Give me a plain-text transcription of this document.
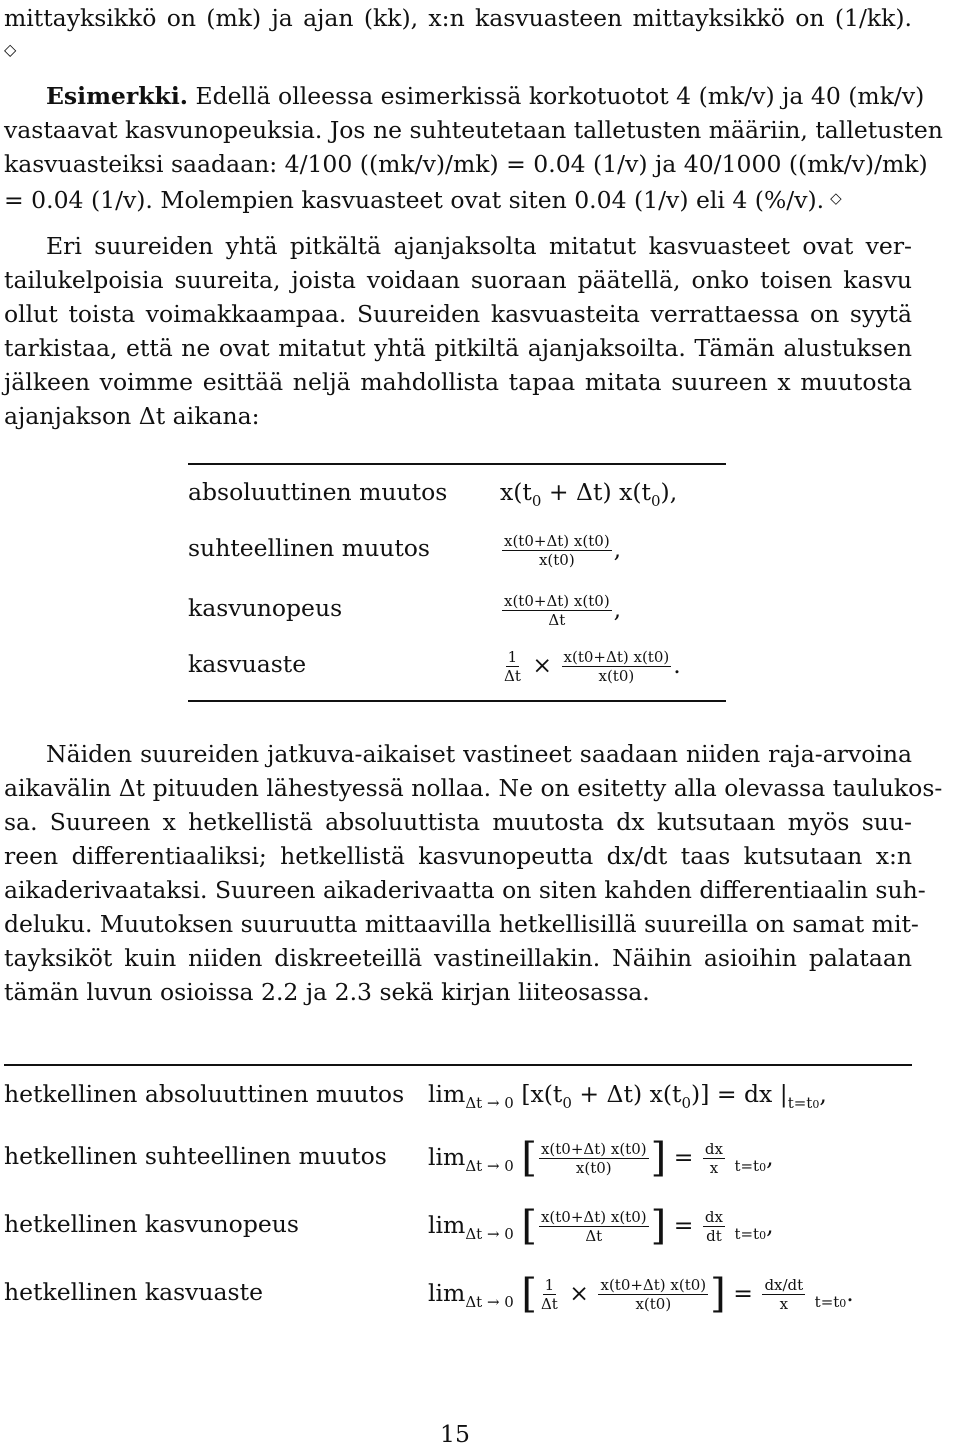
mittayksikkö on (mk) ja ajan (kk), x:n kasvuasteen mittayksikkö on (1/kk).
◇
Esimerkki. Edellä olleessa esimerkissä korkotuotot 4 (mk/v) ja 40 (mk/v)
vastaavat kasvunopeuksia. Jos ne suhteutetaan talletusten määriin, talletusten
kasvuasteiksi saadaan: 4/100 ((mk/v)/mk) = 0.04 (1/v) ja 40/1000 ((mk/v)/mk)
= 0.04 (1/v). Molempien kasvuasteet ovat siten 0.04 (1/v) eli 4 (%/v). ◇
Eri suureiden yhtä pitkältä ajanjaksolta mitatut kasvuasteet ovat ver-
tailukelpoisia suureita, joista voidaan suoraan päätellä, onko toisen kasvu
ollut toista voimakkaampaa. Suureiden kasvuasteita verrattaessa on syytä
tarkistaa, että ne ovat mitatut yhtä pitkiltä ajanjaksoilta. Tämän alustuksen
jälkeen voimme esittää neljä mahdollista tapaa mitata suureen x muutosta
ajanjakson Δt aikana:
absoluuttinen muutos $x(t_0 + \Delta t)$ $x(t_0)$,
suhteellinen muutos	$\frac{x(t0+\Delta t) x(t0)}{x(t0)}$ ,
kasvunopeus	$\frac{x(t0+\Delta t) x(t0)}{\Delta t}$ ,
kasvuaste	$\frac{1}{\Delta t} \times \frac{x(t0+\Delta t) x(t0)}{x(t0)}$ .
Näiden suureiden jatkuva-aikaiset vastineet saadaan niiden raja-arvoina
aikavälin Δt pituuden lähestyessä nollaa. Ne on esitetty alla olevassa taulukos-
sa. Suureen x hetkellistä absoluuttista muutosta dx kutsutaan myös suu-
reen differentiaaliksi; hetkellistä kasvunopeutta dx/dt taas kutsutaan x:n
aikaderivaataksi. Suureen aikaderivaatta on siten kahden differentiaalin suh-
deluku. Muutoksen suuruutta mittaavilla hetkellisillä suureilla on samat mit-
tayksiköt kuin niiden diskreeteillä vastineillakin. Näihin asioihin palataan
tämän luvun osioissa 2.2 ja 2.3 sekä kirjan liiteosassa.
hetkellinen absoluuttinen muutos $\lim_{\Delta t \to 0} [x(t_0 + \Delta t) x(t_0)]$ = dx $|_{t=t0}$,
hetkellinen suhteellinen muutos $\lim_{\Delta t \to 0}$ [ $\frac{x(t0+\Delta t) x(t0)}{x(t0)}$ ] = $\frac{dx}{x} _{t=t0}$,
hetkellinen kasvunopeus	$\lim_{\Delta t \to 0}$ [ $\frac{x(t0+\Delta t) x(t0)}{\Delta t}$ ] = $\frac{dx}{dt} _{t=t0}$,
hetkellinen kasvuaste	$\lim_{\Delta t \to 0}$ [ $\frac{1}{\Delta t} \times \frac{x(t0+\Delta t) x(t0)}{x(t0)}$ ] = $\frac{dx/dt}{x} _{t=t0}$.
15
